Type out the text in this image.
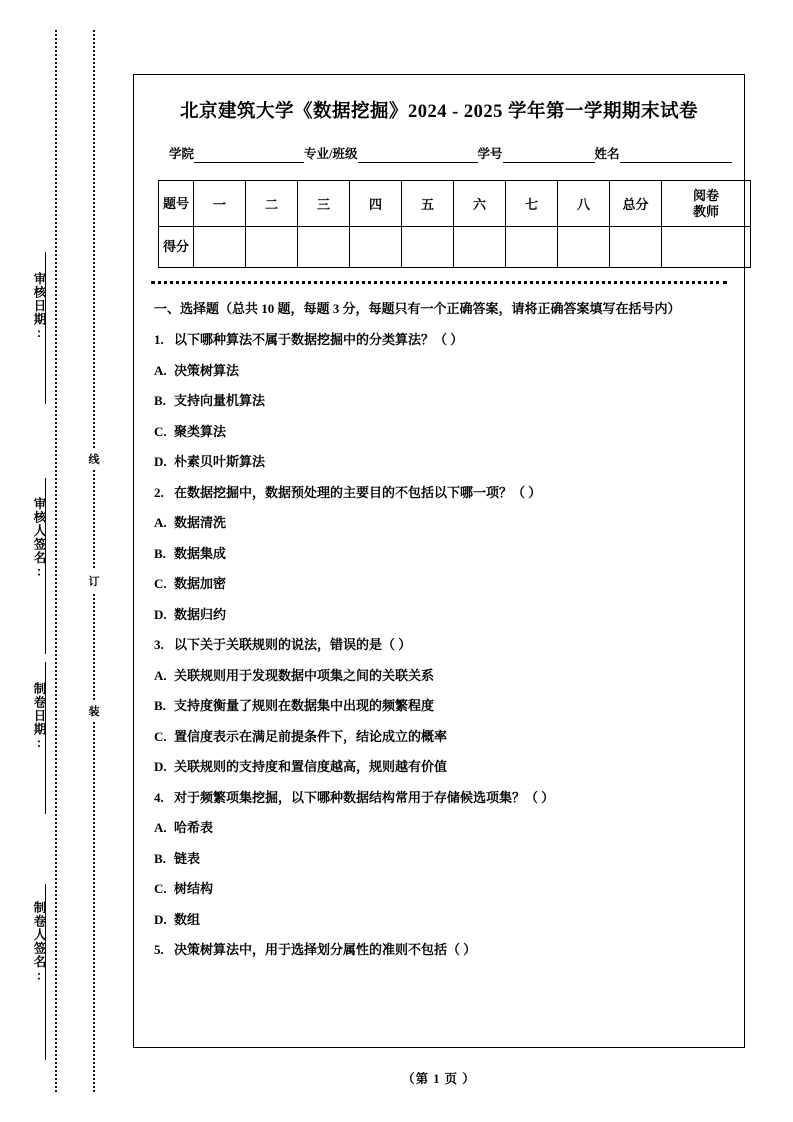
审核日期:
审核人签名:
制卷日期:
制卷人签名:
线
订
装
北京建筑大学《数据挖掘》2024 - 2025 学年第一学期期末试卷
学院	专业/班级	学号	姓名
题号	一	二	三	四	五	六	七	八	总分	阅卷
教师

得分										

一、选择题（总共 10 题，每题 3 分，每题只有一个正确答案，请将正确答案填写在括号内）
1. 以下哪种算法不属于数据挖掘中的分类算法？（ ）
A. 决策树算法
B. 支持向量机算法
C. 聚类算法
D. 朴素贝叶斯算法
2. 在数据挖掘中，数据预处理的主要目的不包括以下哪一项？（ ）
A. 数据清洗
B. 数据集成
C. 数据加密
D. 数据归约
3. 以下关于关联规则的说法，错误的是（ ）
A. 关联规则用于发现数据中项集之间的关联关系
B. 支持度衡量了规则在数据集中出现的频繁程度
C. 置信度表示在满足前提条件下，结论成立的概率
D. 关联规则的支持度和置信度越高，规则越有价值
4. 对于频繁项集挖掘，以下哪种数据结构常用于存储候选项集？（ ）
A. 哈希表
B. 链表
C. 树结构
D. 数组
5. 决策树算法中，用于选择划分属性的准则不包括（ ）
（第 1 页 ）
